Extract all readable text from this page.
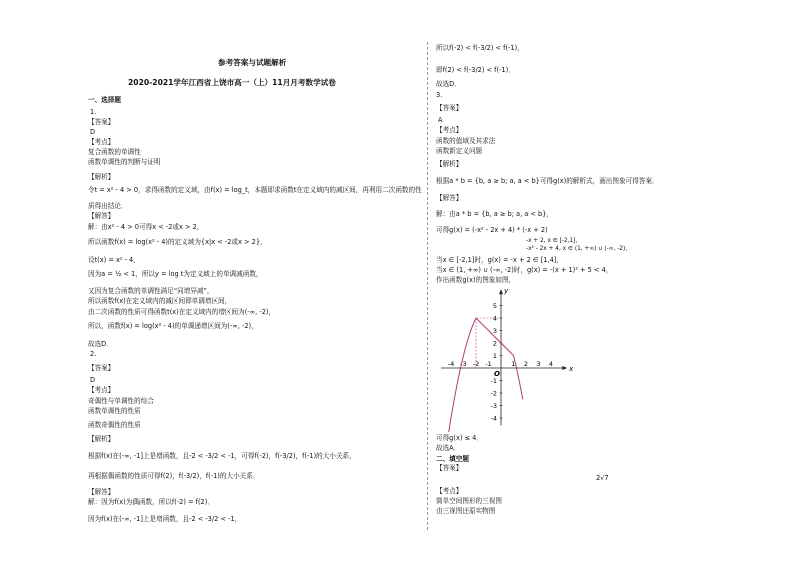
参考答案与试题解析
2020-2021学年江西省上饶市高一（上）11月月考数学试卷
一、选择题
1.
【答案】
D
【考点】
复合函数的单调性
函数单调性的判断与证明
【解析】
令t = x² - 4 > 0，求得函数的定义域，由f(x) = log_t，本题即求函数t在定义域内的减区间，再利用二次函数的性
质得出结论．
【解答】
解：由x² - 4 > 0可得x < -2或x > 2，
所以函数f(x) = log(x² - 4)的定义域为{x|x < -2或x > 2}，
设t(x) = x² - 4，
因为a = ½ < 1，所以y = log t为定义域上的单调减函数，
又因为复合函数的单调性满足“同增异减”，
所以函数f(x)在定义域内的减区间即单调增区间，
由二次函数的性质可得函数t(x)在定义域内的增区间为(-∞, -2)，
所以，函数f(x) = log(x² - 4)的单调递增区间为(-∞, -2)，
故选D．
2.
【答案】
D
【考点】
奇偶性与单调性的综合
函数单调性的性质
函数奇偶性的性质
【解析】
根据f(x)在(-∞, -1]上是增函数，且-2 < -3/2 < -1，可得f(-2)，f(-3/2)，f(-1)的大小关系，
再根据偶函数的性质可得f(2)，f(-3/2)，f(-1)的大小关系．
【解答】
解：因为f(x)为偶函数，所以f(-2) = f(2)．
因为f(x)在(-∞, -1]上是增函数，且-2 < -3/2 < -1，
所以f(-2) < f(-3/2) < f(-1)，
即f(2) < f(-3/2) < f(-1)．
故选D．
3.
【答案】
A
【考点】
函数的值域及其求法
函数新定义问题
【解析】
根据a * b = {b, a ≥ b; a, a < b}可得g(x)的解析式，画出图象可得答案．
【解答】
解：由a * b = {b, a ≥ b; a, a < b}，
可得g(x) = (-x² - 2x + 4) * (-x + 2)
-x + 2, x ∈ [-2,1]，
-x² - 2x + 4, x ∈ (1, +∞) ∪ (-∞, -2)，
当x ∈ [-2,1]时，g(x) = -x + 2 ∈ [1,4]，
当x ∈ (1, +∞) ∪ (-∞, -2)时，g(x) = -(x + 1)² + 5 < 4，
作出函数g(x)的图象如图，
可得g(x) ≤ 4．
故选A．
二、填空题
【答案】
2√7
【考点】
简单空间图形的三视图
由三视图还原实物图
x
y
O
-4 -3 -2 -1	1 2 3 4
5
4
3
2
1
-1
-2
-3
-4
